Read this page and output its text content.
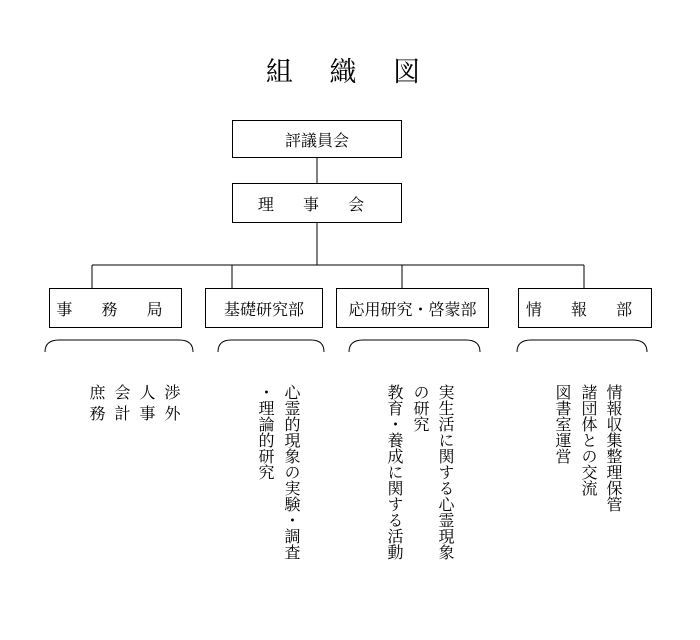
組 織 図
評議員会
理 事 会
事 務 局	基礎研究部	応用研究・啓蒙部	情 報 部
渉 外
人 事
会 計
庶 務	心霊的現象の実験・調査
・理論的研究	実生活に関する心霊現象
の研究
教育・養成に関する活動	情報収集整理保管
諸団体との交流
図書室運営
